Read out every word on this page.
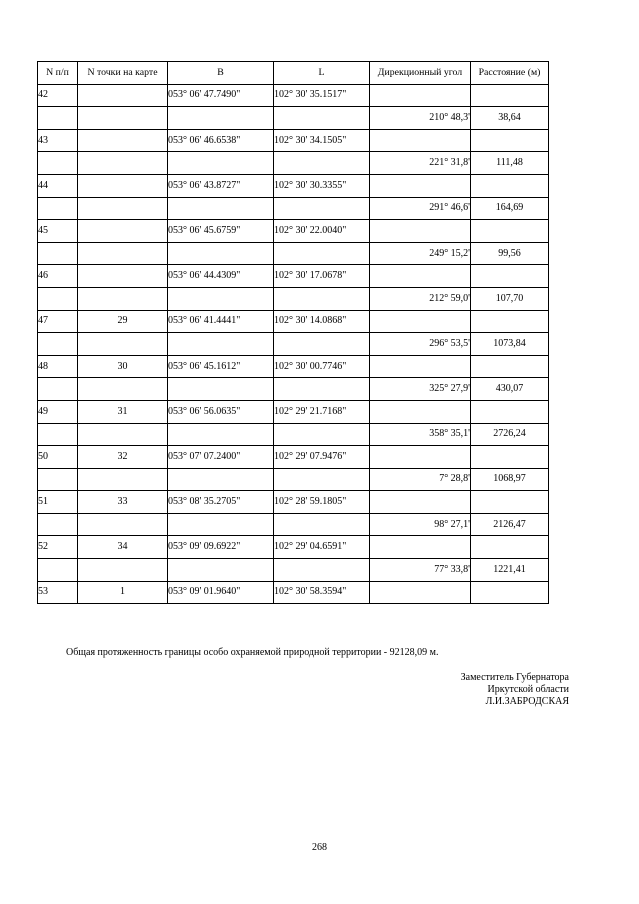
N п/п	N точки на карте	B	L	Дирекционный угол	Расстояние (м)
42		053° 06' 47.7490"	102° 30' 35.1517"		
				210° 48,3'	38,64
43		053° 06' 46.6538"	102° 30' 34.1505"		
				221° 31,8'	111,48
44		053° 06' 43.8727"	102° 30' 30.3355"		
				291° 46,6'	164,69
45		053° 06' 45.6759"	102° 30' 22.0040"		
				249° 15,2'	99,56
46		053° 06' 44.4309"	102° 30' 17.0678"		
				212° 59,0'	107,70
47	29	053° 06' 41.4441"	102° 30' 14.0868"		
				296° 53,5'	1073,84
48	30	053° 06' 45.1612"	102° 30' 00.7746"		
				325° 27,9'	430,07
49	31	053° 06' 56.0635"	102° 29' 21.7168"		
				358° 35,1'	2726,24
50	32	053° 07' 07.2400"	102° 29' 07.9476"		
				7° 28,8'	1068,97
51	33	053° 08' 35.2705"	102° 28' 59.1805"		
				98° 27,1'	2126,47
52	34	053° 09' 09.6922"	102° 29' 04.6591"		
				77° 33,8'	1221,41
53	1	053° 09' 01.9640"	102° 30' 58.3594"		
Общая протяженность границы особо охраняемой природной территории - 92128,09 м.
Заместитель Губернатора
Иркутской области
Л.И.ЗАБРОДСКАЯ
268
